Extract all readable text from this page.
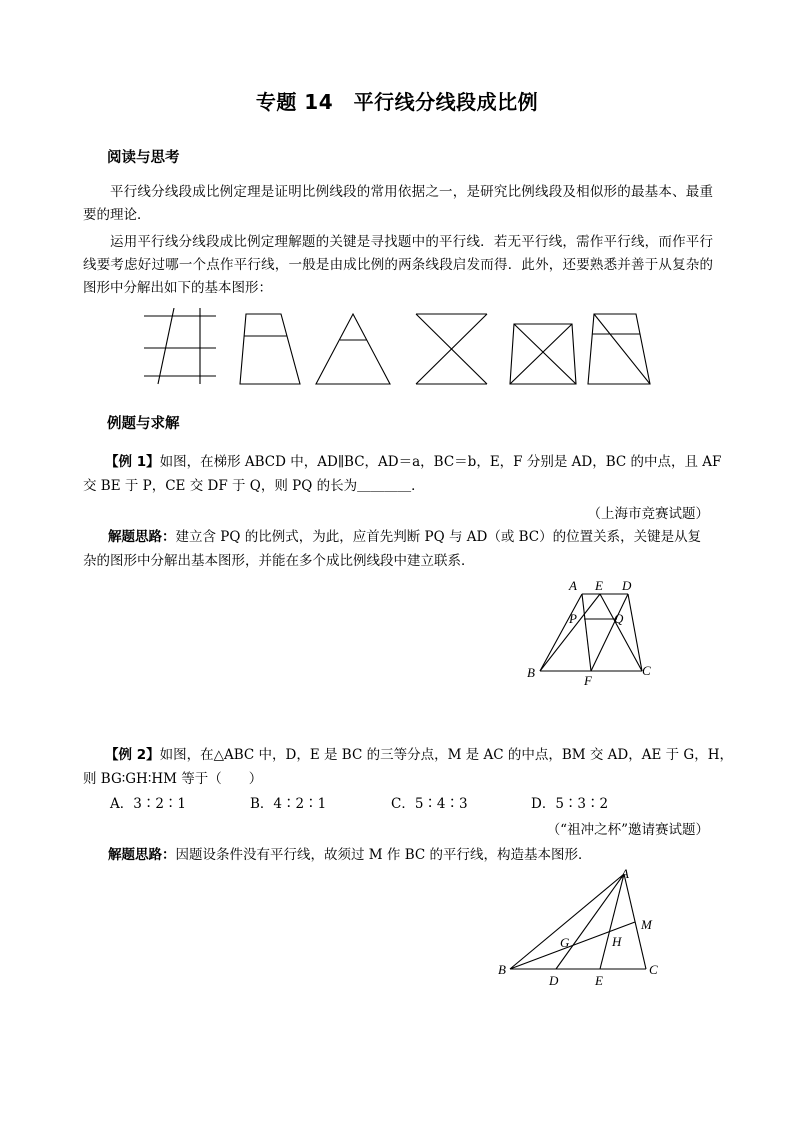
专题 14　平行线分线段成比例
阅读与思考
平行线分线段成比例定理是证明比例线段的常用依据之一，是研究比例线段及相似形的最基本、最重要的理论．
运用平行线分线段成比例定理解题的关键是寻找题中的平行线．若无平行线，需作平行线，而作平行线要考虑好过哪一个点作平行线，一般是由成比例的两条线段启发而得．此外，还要熟悉并善于从复杂的图形中分解出如下的基本图形：
例题与求解
【例 1】如图，在梯形 ABCD 中，AD∥BC，AD＝a，BC＝b，E，F 分别是 AD，BC 的中点，且 AF
交 BE 于 P，CE 交 DF 于 Q，则 PQ 的长为＿＿＿＿．
（上海市竞赛试题）
解题思路：建立含 PQ 的比例式，为此，应首先判断 PQ 与 AD（或 BC）的位置关系，关键是从复
杂的图形中分解出基本图形，并能在多个成比例线段中建立联系．
A E D
P	Q
B
F
C
【例 2】如图，在△ABC 中，D，E 是 BC 的三等分点，M 是 AC 的中点，BM 交 AD，AE 于 G，H，
则 BG∶GH∶HM 等于（　　）
A．3∶2∶1	B．4∶2∶1	C．5∶4∶3	D．5∶3∶2
（“祖冲之杯”邀请赛试题）
解题思路：因题设条件没有平行线，故须过 M 作 BC 的平行线，构造基本图形．
A
M
G	H
B
D	E
C
